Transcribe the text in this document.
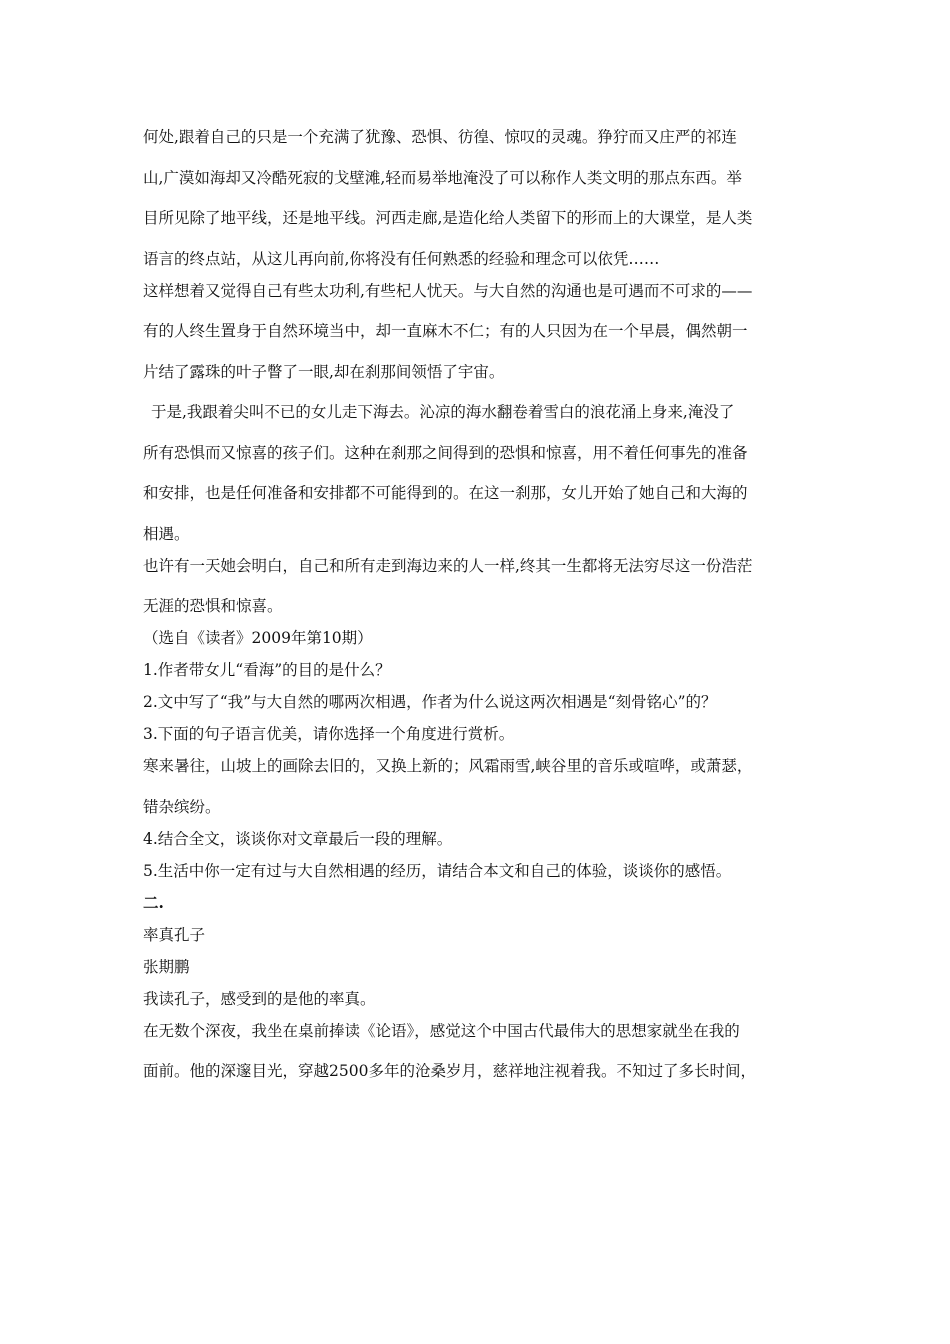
何处,跟着自己的只是一个充满了犹豫、恐惧、彷徨、惊叹的灵魂。狰狞而又庄严的祁连

山,广漠如海却又冷酷死寂的戈壁滩,轻而易举地淹没了可以称作人类文明的那点东西。举

目所见除了地平线，还是地平线。河西走廊,是造化给人类留下的形而上的大课堂，是人类

语言的终点站，从这儿再向前,你将没有任何熟悉的经验和理念可以依凭……

这样想着又觉得自己有些太功利,有些杞人忧天。与大自然的沟通也是可遇而不可求的——

有的人终生置身于自然环境当中，却一直麻木不仁；有的人只因为在一个早晨，偶然朝一

片结了露珠的叶子瞥了一眼,却在刹那间领悟了宇宙。

于是,我跟着尖叫不已的女儿走下海去。沁凉的海水翻卷着雪白的浪花涌上身来,淹没了

所有恐惧而又惊喜的孩子们。这种在刹那之间得到的恐惧和惊喜，用不着任何事先的准备

和安排，也是任何准备和安排都不可能得到的。在这一刹那，女儿开始了她自己和大海的

相遇。

也许有一天她会明白，自己和所有走到海边来的人一样,终其一生都将无法穷尽这一份浩茫

无涯的恐惧和惊喜。

（选自《读者》2009年第10期）

1.作者带女儿“看海”的目的是什么？

2.文中写了“我”与大自然的哪两次相遇，作者为什么说这两次相遇是“刻骨铭心”的？

3.下面的句子语言优美，请你选择一个角度进行赏析。

寒来暑往，山坡上的画除去旧的，又换上新的；风霜雨雪,峡谷里的音乐或喧哗，或萧瑟，

错杂缤纷。

4.结合全文，谈谈你对文章最后一段的理解。

5.生活中你一定有过与大自然相遇的经历，请结合本文和自己的体验，谈谈你的感悟。

二.

率真孔子

张期鹏

我读孔子，感受到的是他的率真。

在无数个深夜，我坐在桌前捧读《论语》，感觉这个中国古代最伟大的思想家就坐在我的

面前。他的深邃目光，穿越2500多年的沧桑岁月，慈祥地注视着我。不知过了多长时间，
